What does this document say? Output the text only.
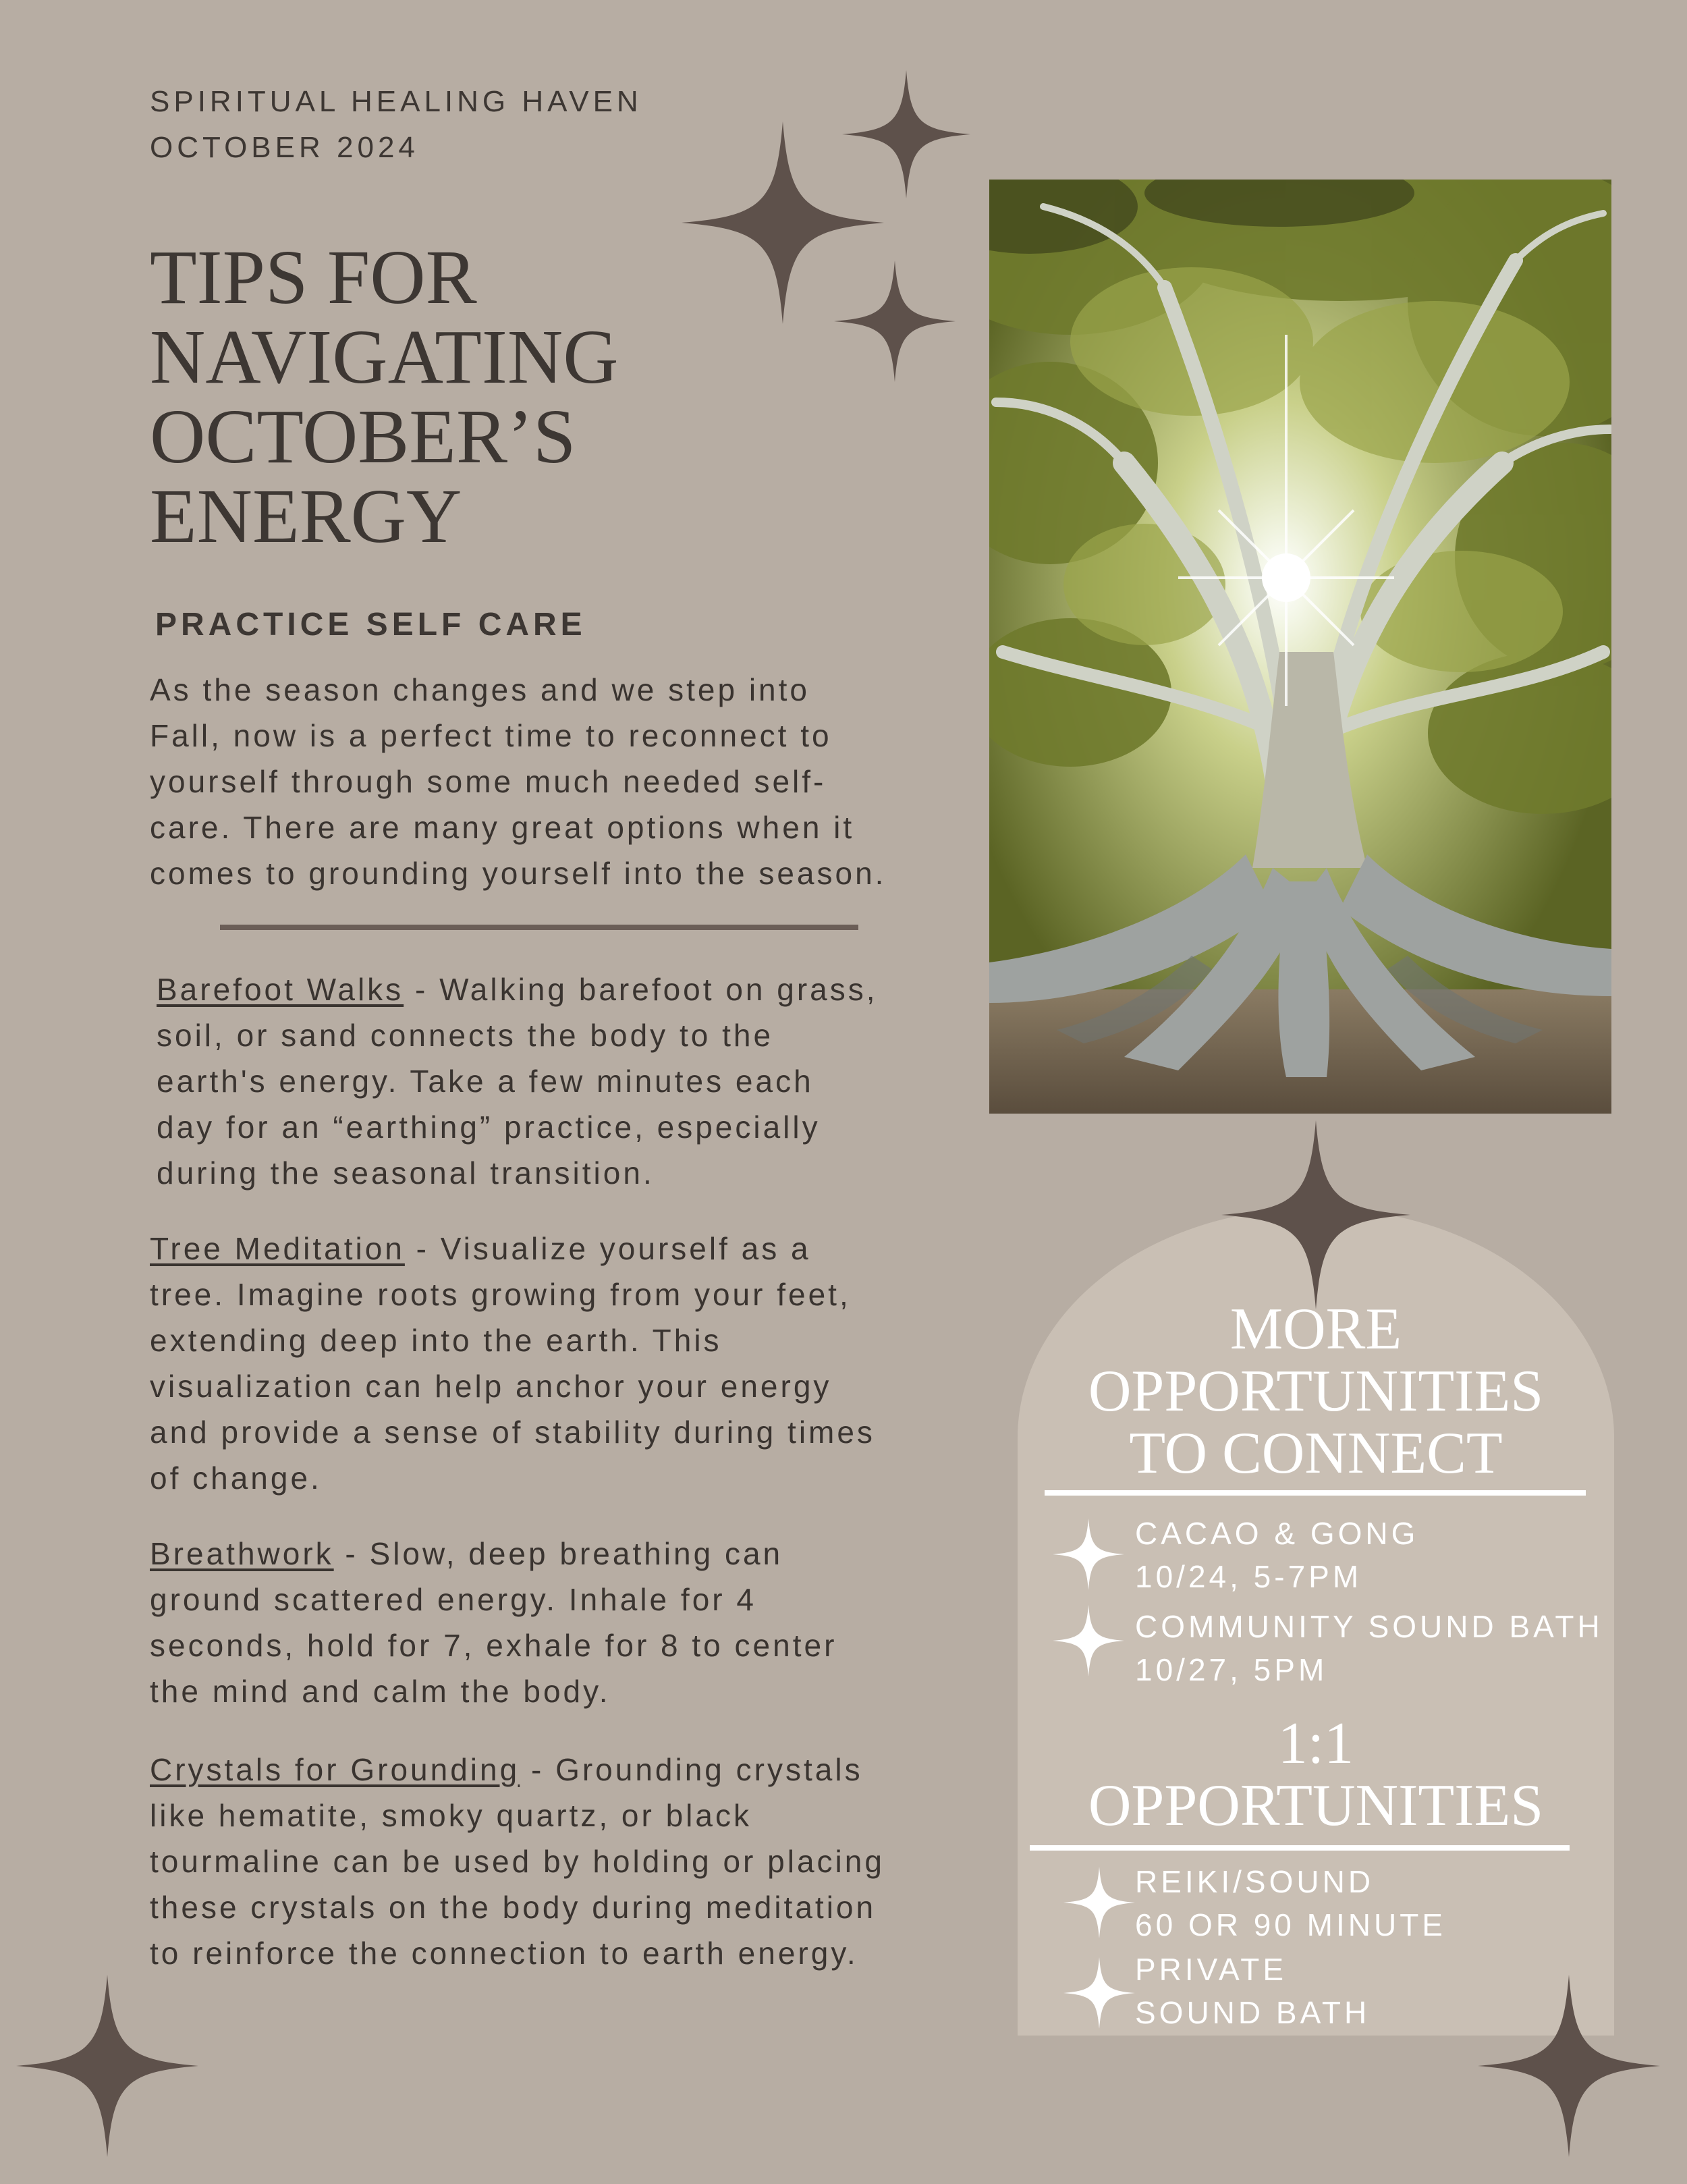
SPIRITUAL HEALING HAVEN
OCTOBER 2024
TIPS FOR
NAVIGATING
OCTOBER’S
ENERGY
PRACTICE SELF CARE
As the season changes and we step into
Fall, now is a perfect time to reconnect to
yourself through some much needed self-
care. There are many great options when it
comes to grounding yourself into the season.
Barefoot Walks - Walking barefoot on grass,
soil, or sand connects the body to the
earth's energy. Take a few minutes each
day for an “earthing” practice, especially
during the seasonal transition.
Tree Meditation - Visualize yourself as a
tree. Imagine roots growing from your feet,
extending deep into the earth. This
visualization can help anchor your energy
and provide a sense of stability during times
of change.
Breathwork - Slow, deep breathing can
ground scattered energy. Inhale for 4
seconds, hold for 7, exhale for 8 to center
the mind and calm the body.
Crystals for Grounding - Grounding crystals
like hematite, smoky quartz, or black
tourmaline can be used by holding or placing
these crystals on the body during meditation
to reinforce the connection to earth energy.
MORE
OPPORTUNITIES
TO CONNECT
CACAO & GONG
10/24, 5-7PM
COMMUNITY SOUND BATH
10/27, 5PM
1:1
OPPORTUNITIES
REIKI/SOUND
60 OR 90 MINUTE
PRIVATE
SOUND BATH
